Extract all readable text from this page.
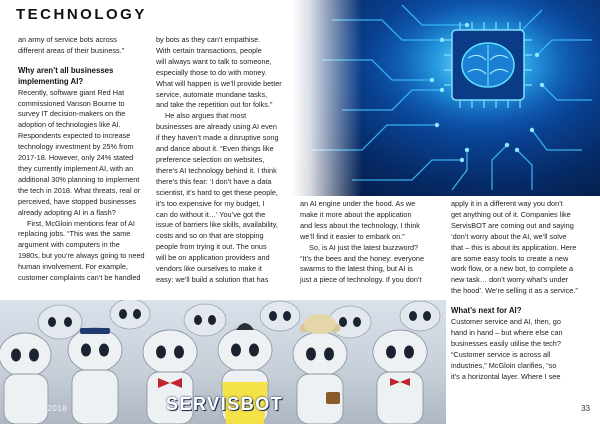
TECHNOLOGY

an army of service bots across
different areas of their business.”

Why aren’t all businesses
implementing AI?

Recently, software giant Red Hat
commissioned Vanson Bourne to
survey IT decision-makers on the
adoption of technologies like AI.
Respondents expected to increase
technology investment by 25% from
2017-18. However, only 24% stated
they currently implement AI, with an
additional 30% planning to implement
the tech in 2018. What threats, real or
perceived, have stopped businesses
already adopting AI in a flash?

First, McGloin mentions fear of AI
replacing jobs. “This was the same
argument with computers in the
1980s, but you’re always going to need
human involvement. For example,
customer complaints can’t be handled

by bots as they can’t empathise.
With certain transactions, people
will always want to talk to someone,
especially those to do with money.
What will happen is we’ll provide better
service, automate mundane tasks,
and take the repetition out for folks.”

He also argues that most
businesses are already using AI even
if they haven’t made a disruptive song
and dance about it. “Even things like
preference selection on websites,
there’s AI technology behind it. I think
there’s this fear: ‘I don’t have a data
scientist, it’s hard to get these people,
it’s too expensive for my budget, I
can do without it…’ You’ve got the
issue of barriers like skills, availability,
costs and so on that are stopping
people from trying it out. The onus
will be on application providers and
vendors like ourselves to make it
easy: we’ll build a solution that has

an AI engine under the hood. As we
make it more about the application
and less about the technology, I think
we’ll find it easier to embark on.”

So, is AI just the latest buzzword?
“It’s the bees and the honey: everyone
swarms to the latest thing, but AI is
just a piece of technology. If you don’t

apply it in a different way you don’t
get anything out of it. Companies like
ServisBOT are coming out and saying
‘don’t worry about the AI, we’ll solve
that – this is about its application. Here
are some easy tools to create a new
work flow, or a new bot, to complete a
new task… don’t worry what’s under
the hood’. We’re selling it as a service.”

What’s next for AI?

Customer service and AI, then, go
hand in hand – but where else can
businesses easily utilise the tech?
“Customer service is across all
industries,” McGloin clarifies, “so
it’s a horizontal layer. Where I see

32 April 2018	SERVISBOT	33
